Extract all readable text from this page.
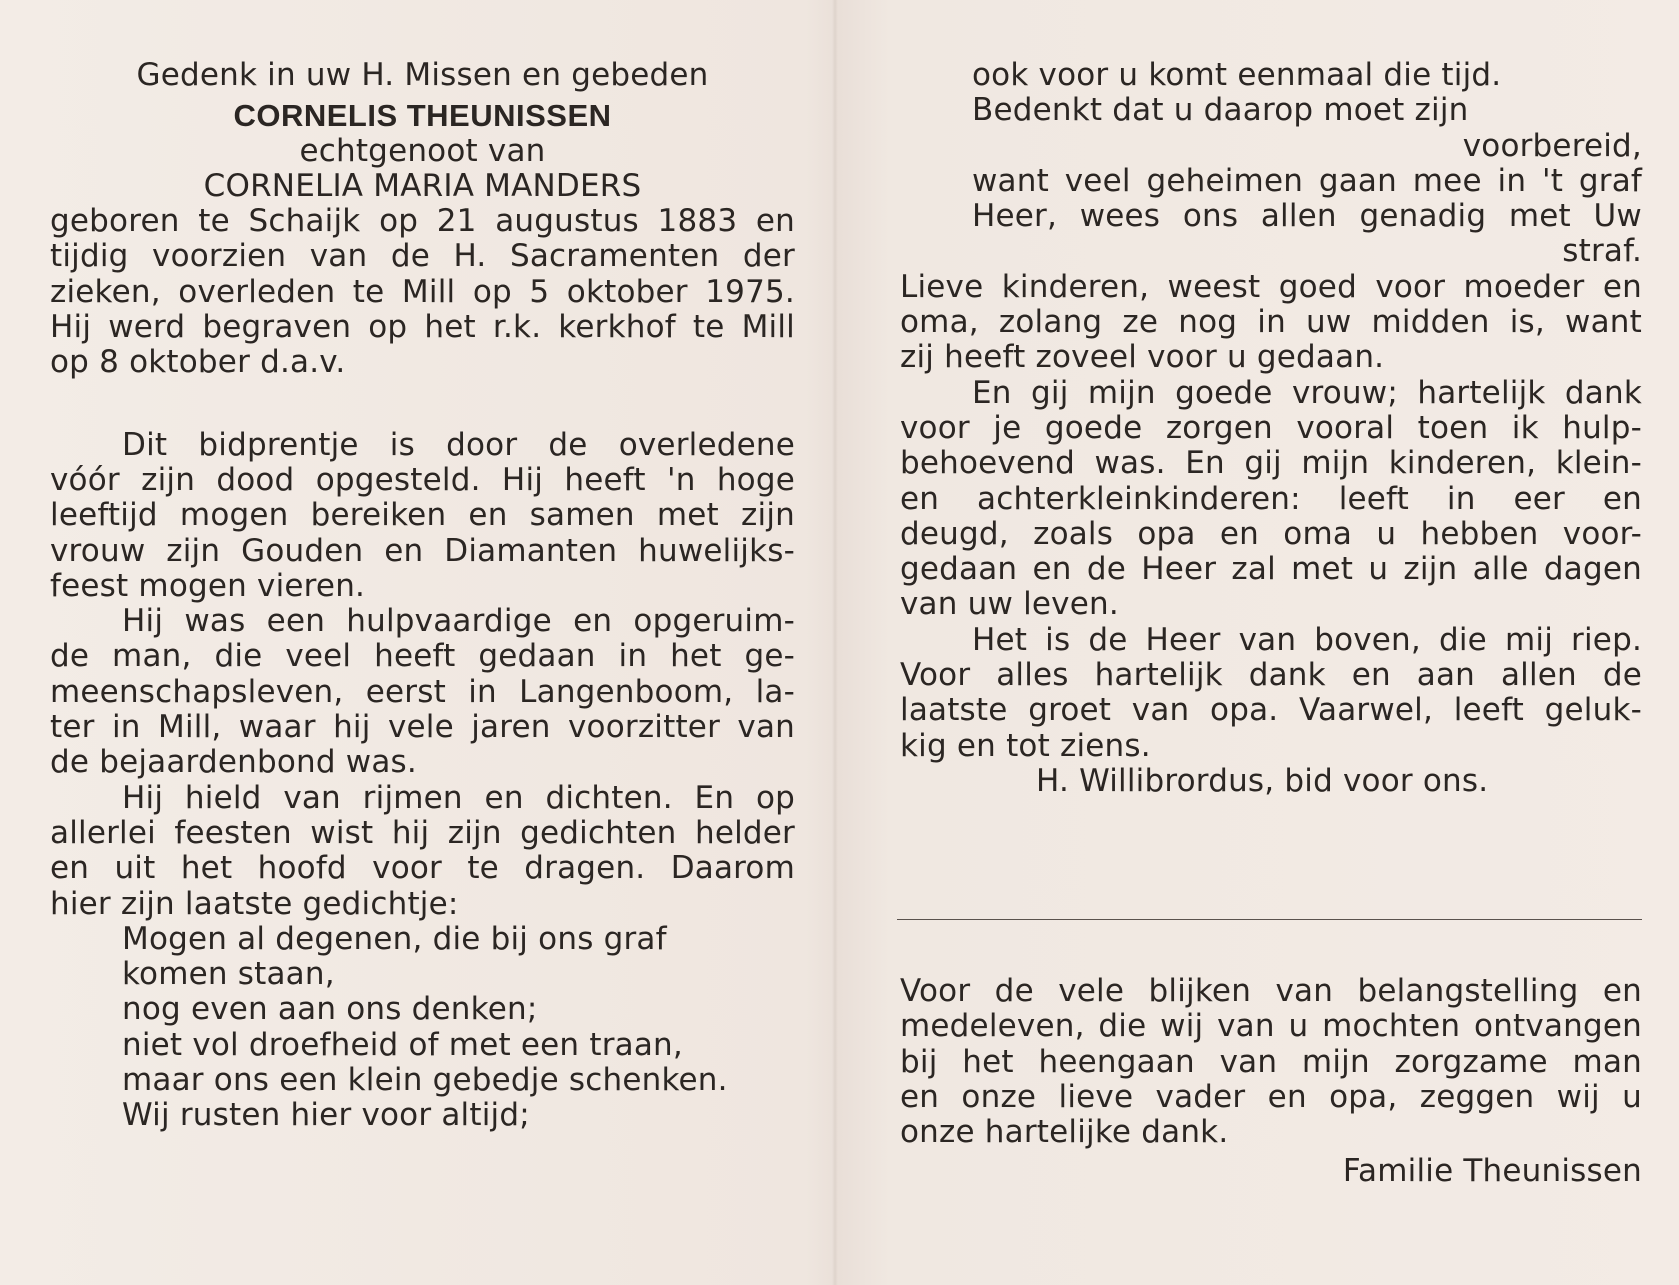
Gedenk in uw H. Missen en gebeden
CORNELIS THEUNISSEN
echtgenoot van
CORNELIA MARIA MANDERS
geboren te Schaijk op 21 augustus 1883 en
tijdig voorzien van de H. Sacramenten der
zieken, overleden te Mill op 5 oktober 1975.
Hij werd begraven op het r.k. kerkhof te Mill
op 8 oktober d.a.v.
Dit bidprentje is door de overledene
vóór zijn dood opgesteld. Hij heeft 'n hoge
leeftijd mogen bereiken en samen met zijn
vrouw zijn Gouden en Diamanten huwelijks-
feest mogen vieren.
Hij was een hulpvaardige en opgeruim-
de man, die veel heeft gedaan in het ge-
meenschapsleven, eerst in Langenboom, la-
ter in Mill, waar hij vele jaren voorzitter van
de bejaardenbond was.
Hij hield van rijmen en dichten. En op
allerlei feesten wist hij zijn gedichten helder
en uit het hoofd voor te dragen. Daarom
hier zijn laatste gedichtje:
Mogen al degenen, die bij ons graf
komen staan,
nog even aan ons denken;
niet vol droefheid of met een traan,
maar ons een klein gebedje schenken.
Wij rusten hier voor altijd;
ook voor u komt eenmaal die tijd.
Bedenkt dat u daarop moet zijn
voorbereid,
want veel geheimen gaan mee in 't graf
Heer, wees ons allen genadig met Uw
straf.
Lieve kinderen, weest goed voor moeder en
oma, zolang ze nog in uw midden is, want
zij heeft zoveel voor u gedaan.
En gij mijn goede vrouw; hartelijk dank
voor je goede zorgen vooral toen ik hulp-
behoevend was. En gij mijn kinderen, klein-
en achterkleinkinderen: leeft in eer en
deugd, zoals opa en oma u hebben voor-
gedaan en de Heer zal met u zijn alle dagen
van uw leven.
Het is de Heer van boven, die mij riep.
Voor alles hartelijk dank en aan allen de
laatste groet van opa. Vaarwel, leeft geluk-
kig en tot ziens.
H. Willibrordus, bid voor ons.
Voor de vele blijken van belangstelling en
medeleven, die wij van u mochten ontvangen
bij het heengaan van mijn zorgzame man
en onze lieve vader en opa, zeggen wij u
onze hartelijke dank.
Familie Theunissen
